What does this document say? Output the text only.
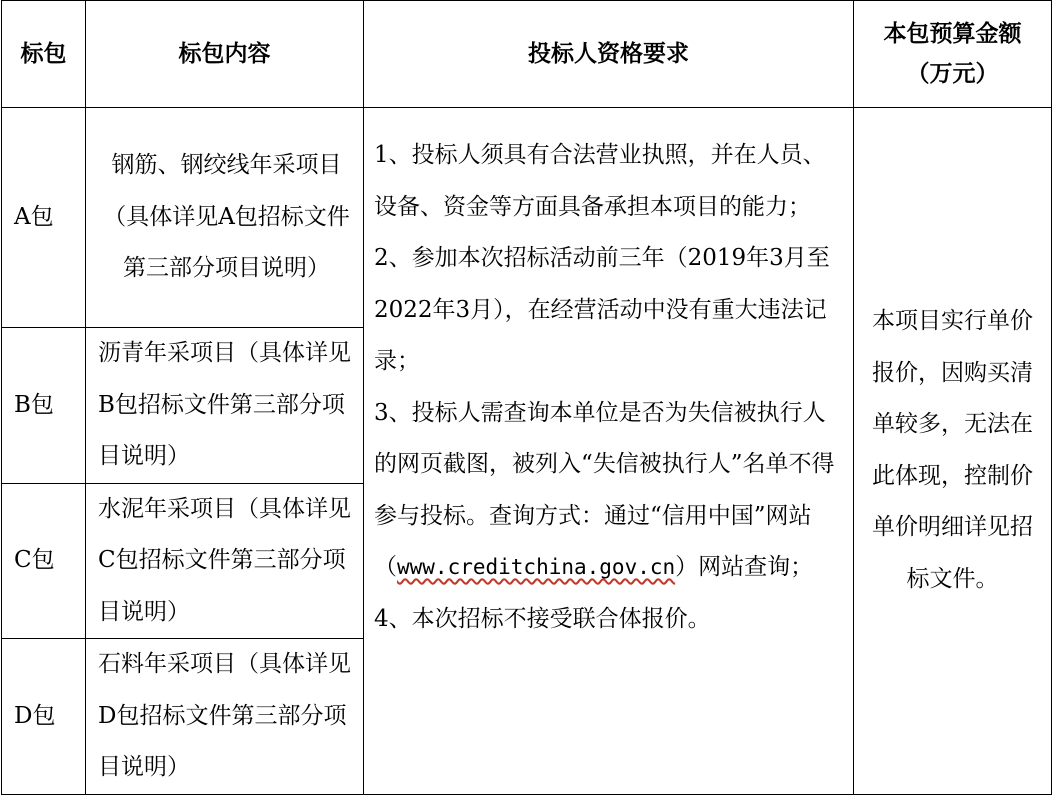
标包	标包内容	投标人资格要求	本包预算金额
（万元）

A包	钢筋、钢绞线年采项目（具体详见A包招标文件第三部分项目说明）	1、投标人须具有合法营业执照，并在人员、设备、资金等方面具备承担本项目的能力；

2、参加本次招标活动前三年（2019年3月至2022年3月），在经营活动中没有重大违法记录；

3、投标人需查询本单位是否为失信被执行人的网页截图，被列入“失信被执行人”名单不得参与投标。查询方式：通过“信用中国”网站（www.creditchina.gov.cn）网站查询；

4、本次招标不接受联合体报价。	本项目实行单价报价，因购买清单较多，无法在此体现，控制价单价明细详见招标文件。

B包	沥青年采项目（具体详见B包招标文件第三部分项目说明）		
C包	水泥年采项目（具体详见C包招标文件第三部分项目说明）		
D包	石料年采项目（具体详见D包招标文件第三部分项目说明）		
